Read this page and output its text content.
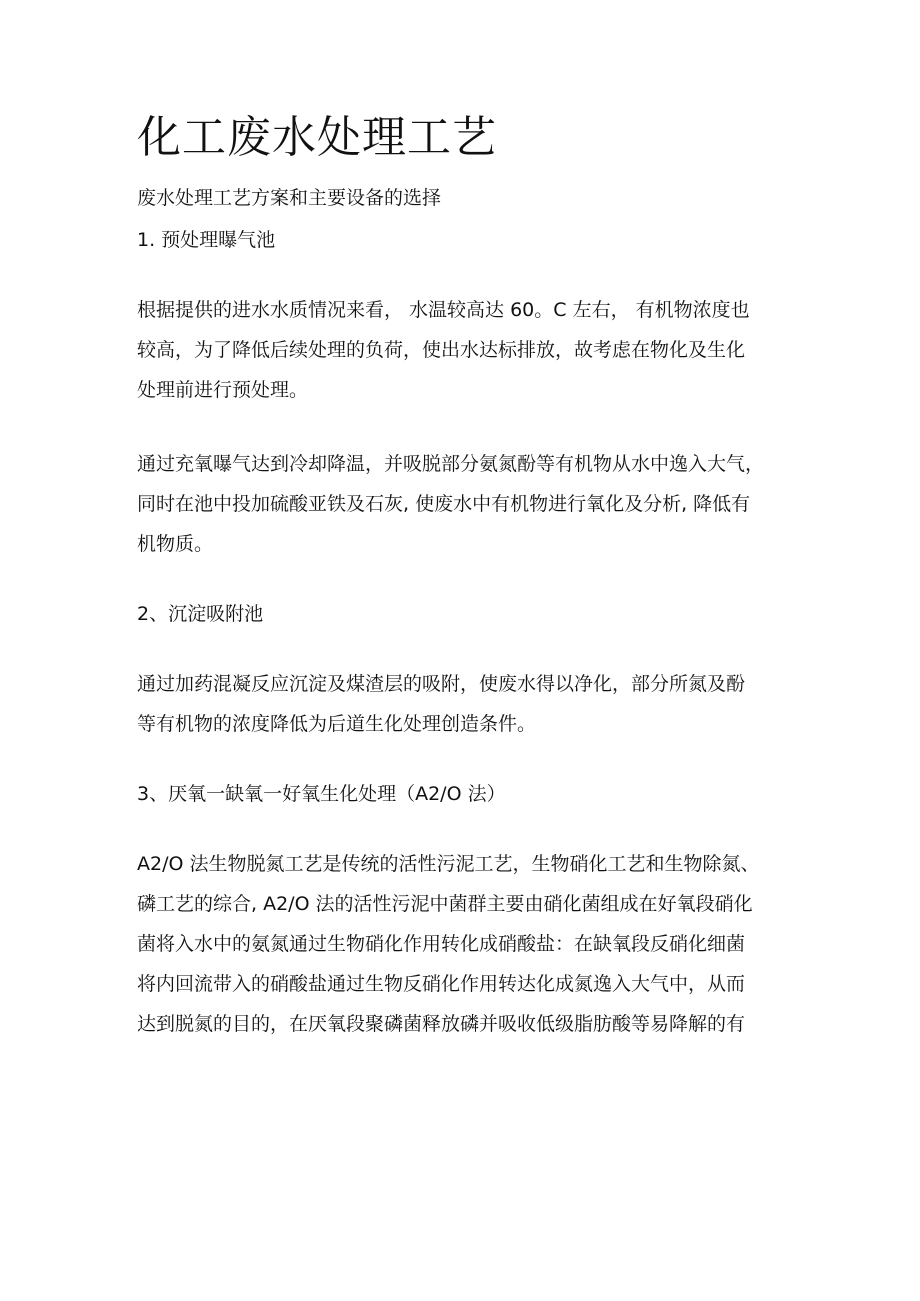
化工废水处理工艺
废水处理工艺方案和主要设备的选择
1. 预处理曝气池

根据提供的进水水质情况来看， 水温较高达 60。C 左右， 有机物浓度也
较高，为了降低后续处理的负荷，使出水达标排放，故考虑在物化及生化
处理前进行预处理。

通过充氧曝气达到冷却降温，并吸脱部分氨氮酚等有机物从水中逸入大气，
同时在池中投加硫酸亚铁及石灰, 使废水中有机物进行氧化及分析, 降低有
机物质。

2、沉淀吸附池

通过加药混凝反应沉淀及煤渣层的吸附，使废水得以净化，部分所氮及酚
等有机物的浓度降低为后道生化处理创造条件。

3、厌氧一缺氧一好氧生化处理（A2/O 法）

A2/O 法生物脱氮工艺是传统的活性污泥工艺，生物硝化工艺和生物除氮、
磷工艺的综合, A2/O 法的活性污泥中菌群主要由硝化菌组成在好氧段硝化
菌将入水中的氨氮通过生物硝化作用转化成硝酸盐：在缺氧段反硝化细菌
将内回流带入的硝酸盐通过生物反硝化作用转达化成氮逸入大气中，从而
达到脱氮的目的，在厌氧段聚磷菌释放磷并吸收低级脂肪酸等易降解的有
